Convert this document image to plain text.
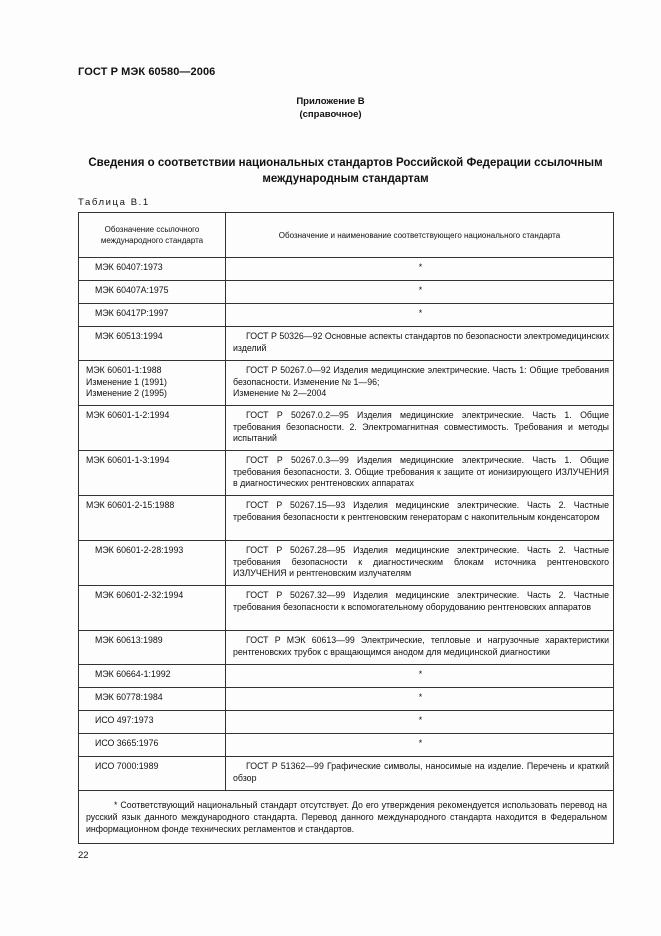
ГОСТ Р МЭК 60580—2006
Приложение В
(справочное)
Сведения о соответствии национальных стандартов Российской Федерации ссылочным международным стандартам
Таблица В.1
Обозначение ссылочного международного стандарта	Обозначение и наименование соответствующего национального стандарта
МЭК 60407:1973	*
МЭК 60407А:1975	*
МЭК 60417Р:1997	*
МЭК 60513:1994	ГОСТ Р 50326—92 Основные аспекты стандартов по безопасности электромедицинских изделий
МЭК 60601-1:1988
Изменение 1 (1991)
Изменение 2 (1995)	ГОСТ Р 50267.0—92 Изделия медицинские электрические. Часть 1: Общие требования безопасности. Изменение № 1—96;
Изменение № 2—2004
МЭК 60601-1-2:1994	ГОСТ Р 50267.0.2—95 Изделия медицинские электрические. Часть 1. Общие требования безопасности. 2. Электромагнитная совместимость. Требования и методы испытаний
МЭК 60601-1-3:1994	ГОСТ Р 50267.0.3—99 Изделия медицинские электрические. Часть 1. Общие требования безопасности. 3. Общие требования к защите от ионизирующего ИЗЛУЧЕНИЯ в диагностических рентгеновских аппаратах
МЭК 60601-2-15:1988	ГОСТ Р 50267.15—93 Изделия медицинские электрические. Часть 2. Частные требования безопасности к рентгеновским генераторам с накопительным конденсатором
МЭК 60601-2-28:1993	ГОСТ Р 50267.28—95 Изделия медицинские электрические. Часть 2. Частные требования безопасности к диагностическим блокам источника рентгеновского ИЗЛУЧЕНИЯ и рентгеновским излучателям
МЭК 60601-2-32:1994	ГОСТ Р 50267.32—99 Изделия медицинские электрические. Часть 2. Частные требования безопасности к вспомогательному оборудованию рентгеновских аппаратов
МЭК 60613:1989	ГОСТ Р МЭК 60613—99 Электрические, тепловые и нагрузочные характеристики рентгеновских трубок с вращающимся анодом для медицинской диагностики
МЭК 60664-1:1992	*
МЭК 60778:1984	*
ИСО 497:1973	*
ИСО 3665:1976	*
ИСО 7000:1989	ГОСТ Р 51362—99 Графические символы, наносимые на изделие. Перечень и краткий обзор
* Соответствующий национальный стандарт отсутствует. До его утверждения рекомендуется использовать перевод на русский язык данного международного стандарта. Перевод данного международного стандарта находится в Федеральном информационном фонде технических регламентов и стандартов.	
22
